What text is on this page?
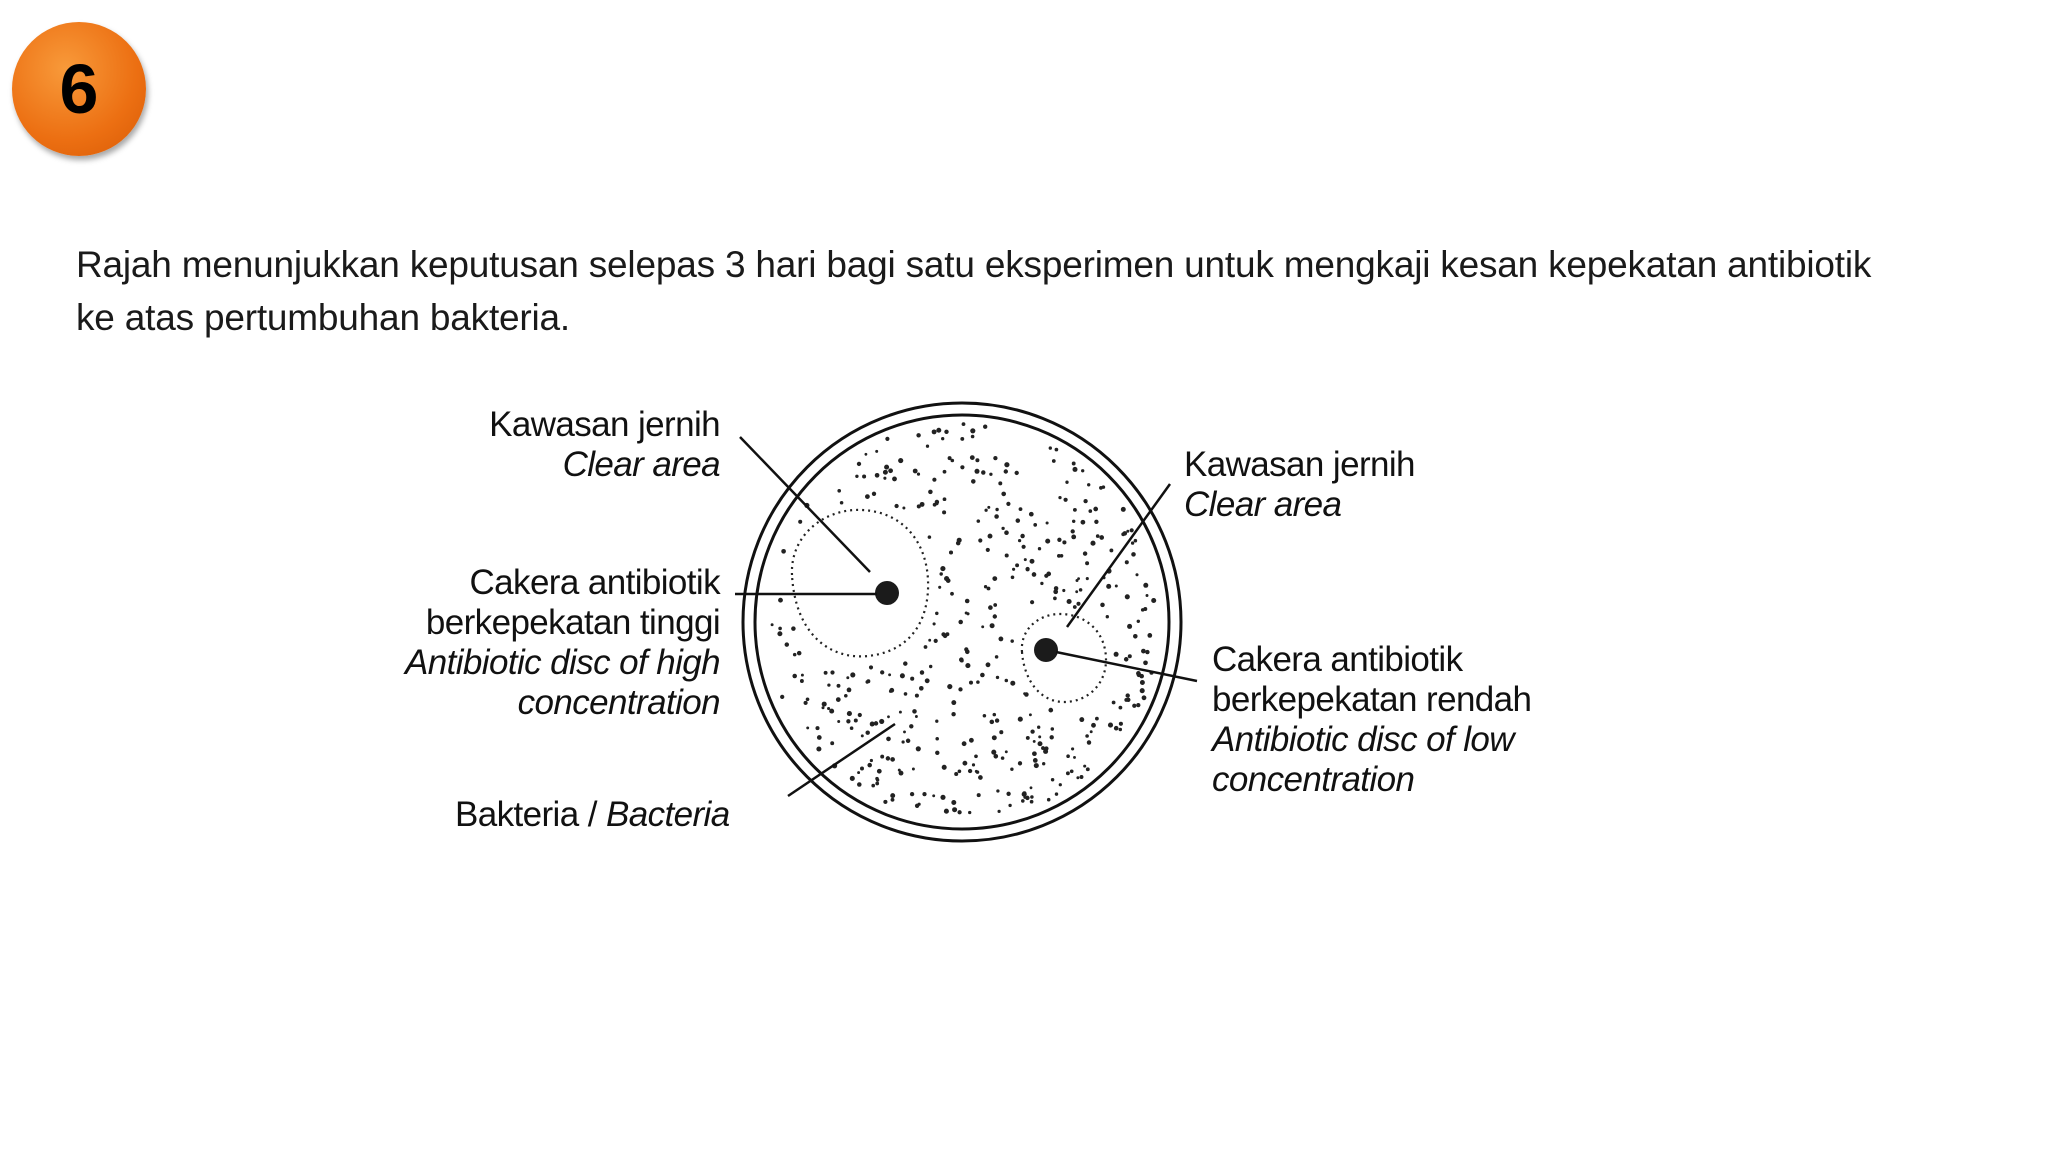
6
Rajah menunjukkan keputusan selepas 3 hari bagi satu eksperimen untuk mengkaji kesan kepekatan antibiotik
ke atas pertumbuhan bakteria.
Kawasan jernih
Clear area
Cakera antibiotik
berkepekatan tinggi
Antibiotic disc of high
concentration
Kawasan jernih
Clear area
Cakera antibiotik
berkepekatan rendah
Antibiotic disc of low
concentration
Bakteria / Bacteria
